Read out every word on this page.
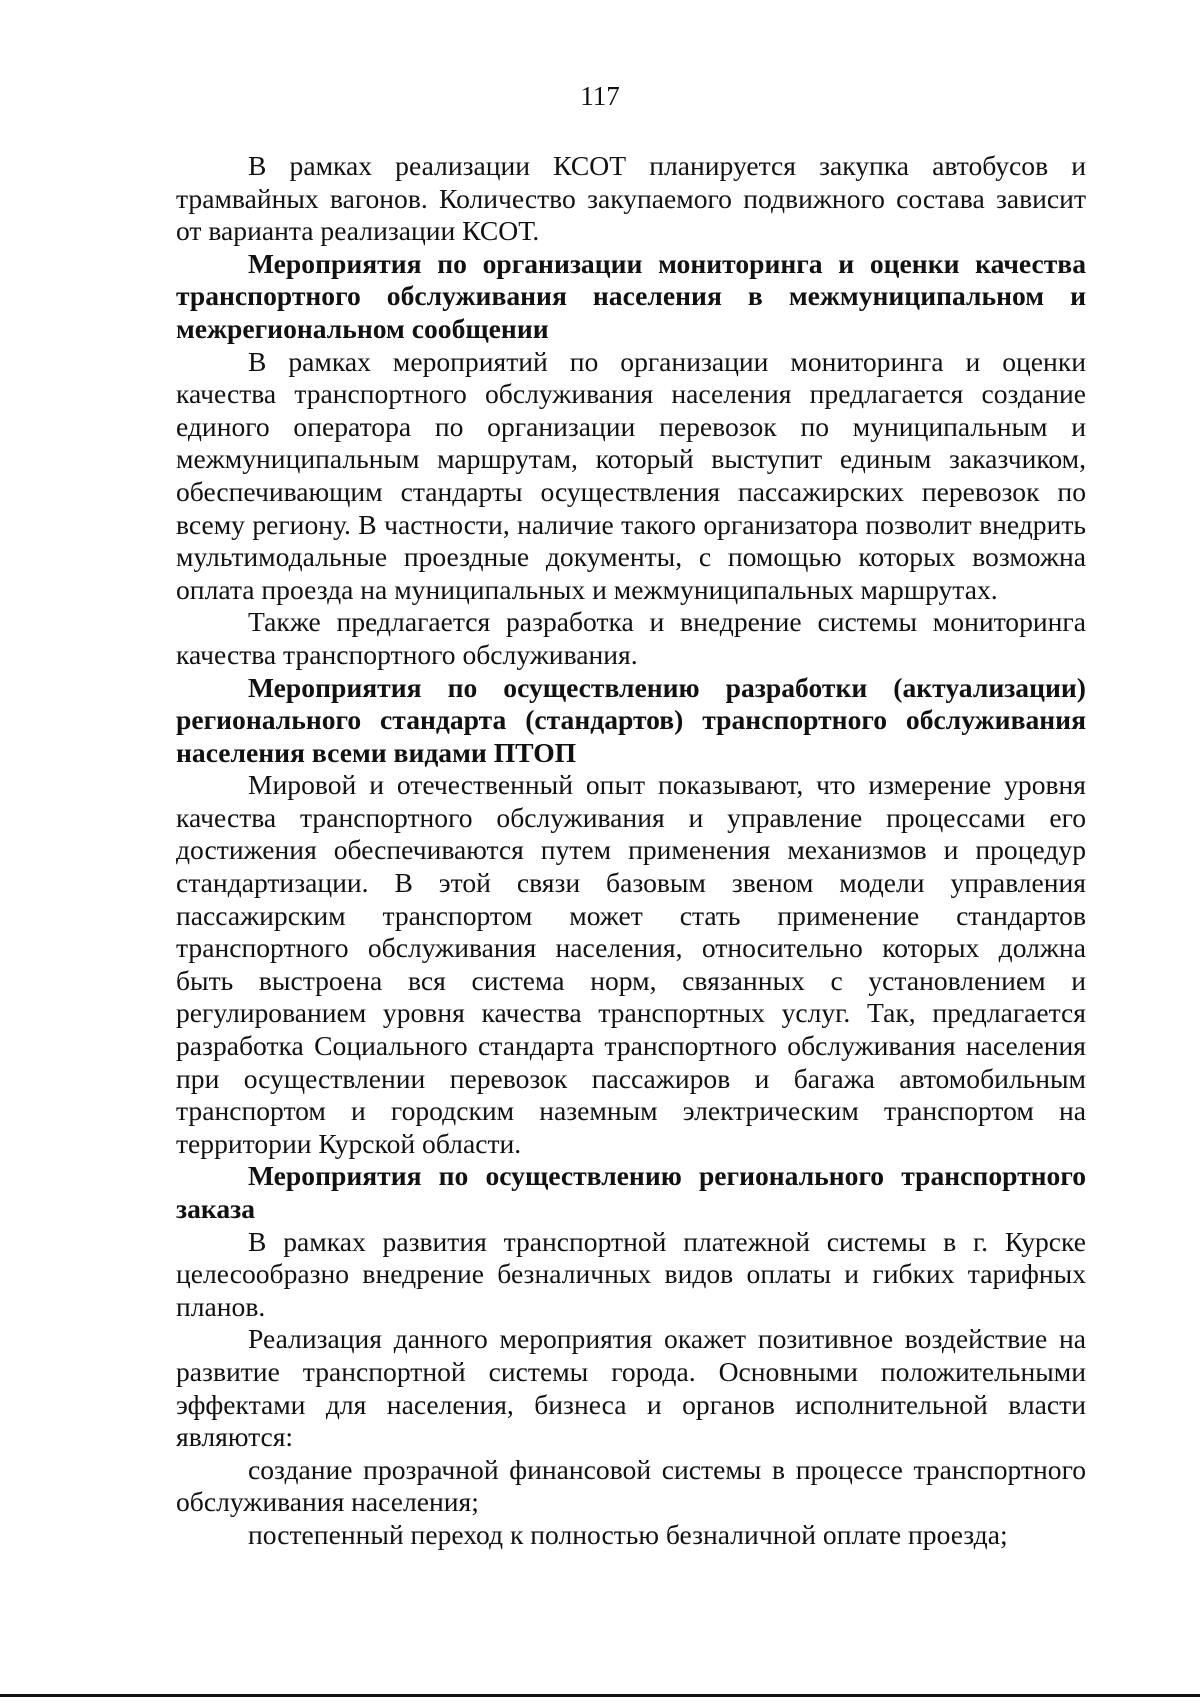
117

В рамках реализации КСОТ планируется закупка автобусов и трамвайных вагонов. Количество закупаемого подвижного состава зависит от варианта реализации КСОТ.

Мероприятия по организации мониторинга и оценки качества транспортного обслуживания населения в межмуниципальном и межрегиональном сообщении

В рамках мероприятий по организации мониторинга и оценки качества транспортного обслуживания населения предлагается создание единого оператора по организации перевозок по муниципальным и межмуниципальным маршрутам, который выступит единым заказчиком, обеспечивающим стандарты осуществления пассажирских перевозок по всему региону. В частности, наличие такого организатора позволит внедрить мультимодальные проездные документы, с помощью которых возможна оплата проезда на муниципальных и межмуниципальных маршрутах.

Также предлагается разработка и внедрение системы мониторинга качества транспортного обслуживания.

Мероприятия по осуществлению разработки (актуализации) регионального стандарта (стандартов) транспортного обслуживания населения всеми видами ПТОП

Мировой и отечественный опыт показывают, что измерение уровня качества транспортного обслуживания и управление процессами его достижения обеспечиваются путем применения механизмов и процедур стандартизации. В этой связи базовым звеном модели управления пассажирским транспортом может стать применение стандартов транспортного обслуживания населения, относительно которых должна быть выстроена вся система норм, связанных с установлением и регулированием уровня качества транспортных услуг. Так, предлагается разработка Социального стандарта транспортного обслуживания населения при осуществлении перевозок пассажиров и багажа автомобильным транспортом и городским наземным электрическим транспортом на территории Курской области.

Мероприятия по осуществлению регионального транспортного заказа

В рамках развития транспортной платежной системы в г. Курске целесообразно внедрение безналичных видов оплаты и гибких тарифных планов.

Реализация данного мероприятия окажет позитивное воздействие на развитие транспортной системы города. Основными положительными эффектами для населения, бизнеса и органов исполнительной власти являются:

создание прозрачной финансовой системы в процессе транспортного обслуживания населения;

постепенный переход к полностью безналичной оплате проезда;
